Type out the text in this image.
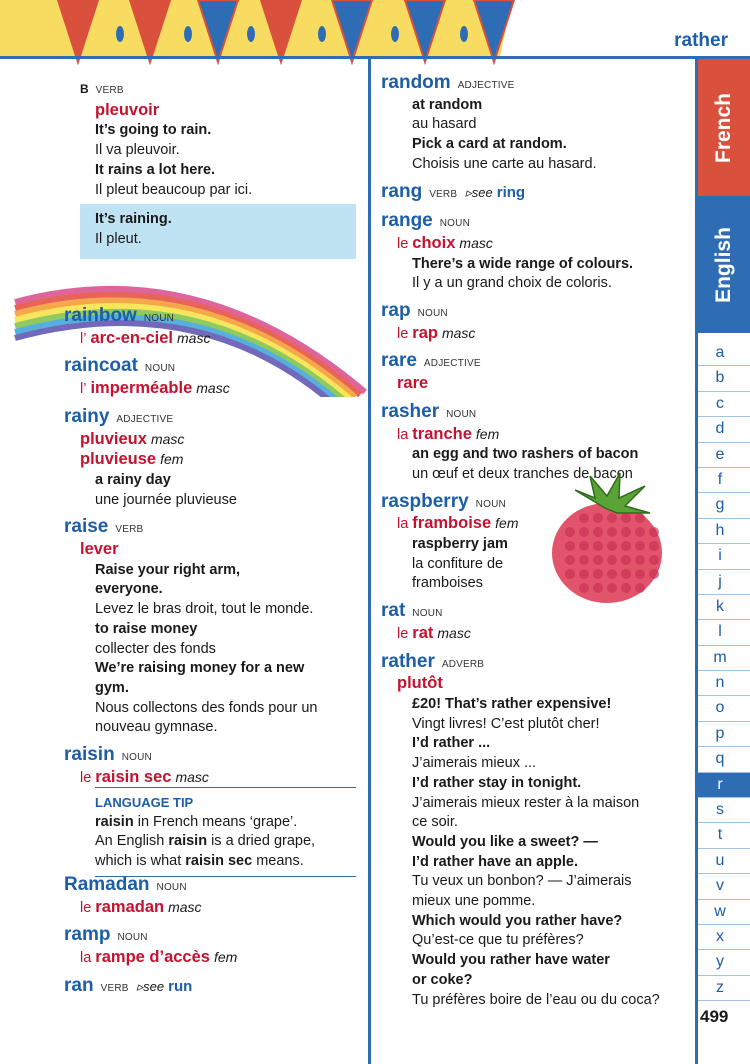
rather
B VERB
pleuvoir
It’s going to rain.
Il va pleuvoir.
It rains a lot here.
Il pleut beaucoup par ici.
It’s raining.
Il pleut.
rainbow NOUN
l’ arc-en-ciel masc
raincoat NOUN
l’ imperméable masc
rainy ADJECTIVE
pluvieux masc
pluvieuse fem
a rainy day
une journée pluvieuse
raise VERB
lever
Raise your right arm,
everyone.
Levez le bras droit, tout le monde.
to raise money
collecter des fonds
We’re raising money for a new
gym.
Nous collectons des fonds pour un
nouveau gymnase.
raisin NOUN
le raisin sec masc
LANGUAGE TIP
raisin in French means ‘grape’.
An English raisin is a dried grape,
which is what raisin sec means.
Ramadan NOUN
le ramadan masc
ramp NOUN
la rampe d’accès fem
ran VERB ▹see run
random ADJECTIVE
at random
au hasard
Pick a card at random.
Choisis une carte au hasard.
rang VERB ▹see ring
range NOUN
le choix masc
There’s a wide range of colours.
Il y a un grand choix de coloris.
rap NOUN
le rap masc
rare ADJECTIVE
rare
rasher NOUN
la tranche fem
an egg and two rashers of bacon
un œuf et deux tranches de bacon
raspberry NOUN
la framboise fem
raspberry jam
la confiture de
framboises
rat NOUN
le rat masc
rather ADVERB
plutôt
£20! That’s rather expensive!
Vingt livres! C’est plutôt cher!
I’d rather ...
J’aimerais mieux ...
I’d rather stay in tonight.
J’aimerais mieux rester à la maison
ce soir.
Would you like a sweet? —
I’d rather have an apple.
Tu veux un bonbon? — J’aimerais
mieux une pomme.
Which would you rather have?
Qu’est-ce que tu préfères?
Would you rather have water
or coke?
Tu préfères boire de l’eau ou du coca?
French
English
a
b
c
d
e
f
g
h
i
j
k
l
m
n
o
p
q
r
s
t
u
v
w
x
y
z
499
